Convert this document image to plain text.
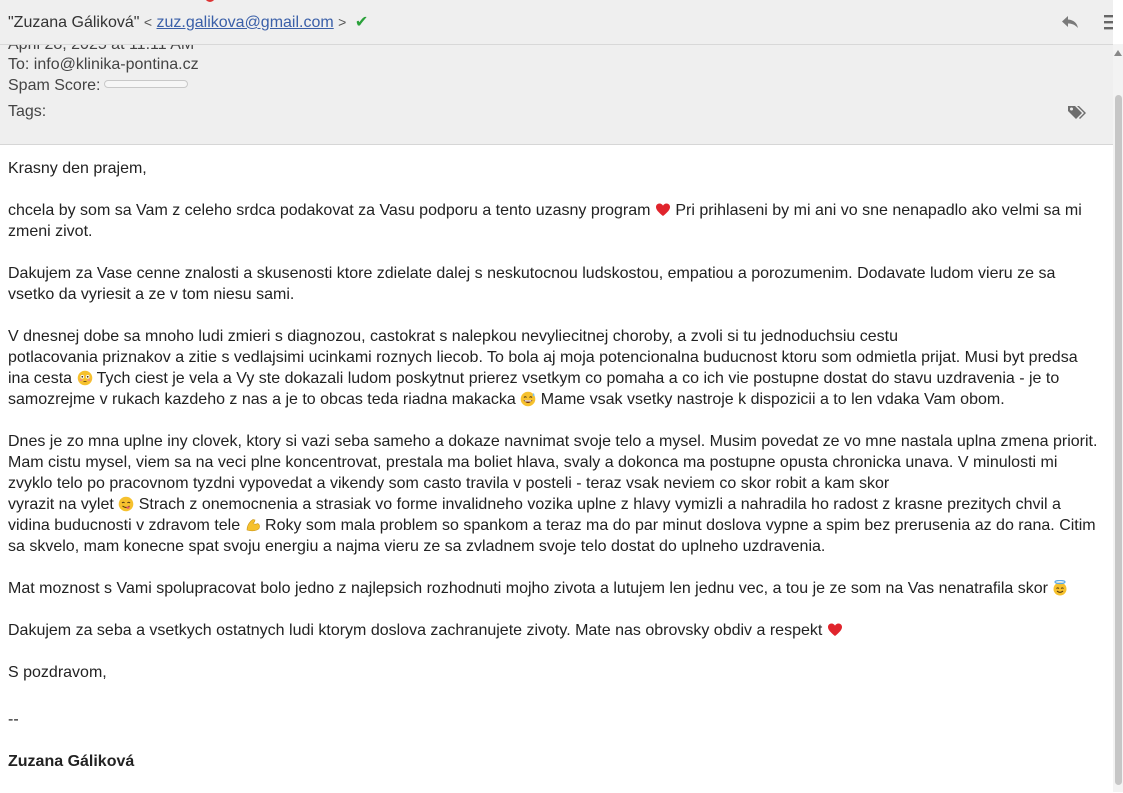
"Zuzana Gáliková" < zuz.galikova@gmail.com > ✔
To: info@klinika-pontina.cz
Spam Score:
Tags:

Krasny den prajem,

chcela by som sa Vam z celeho srdca podakovat za Vasu podporu a tento uzasny program Pri prihlaseni by mi ani vo sne nenapadlo ako velmi sa mi zmeni zivot.

Dakujem za Vase cenne znalosti a skusenosti ktore zdielate dalej s neskutocnou ludskostou, empatiou a porozumenim. Dodavate ludom vieru ze sa vsetko da vyriesit a ze v tom niesu sami.

V dnesnej dobe sa mnoho ludi zmieri s diagnozou, castokrat s nalepkou nevyliecitnej choroby, a zvoli si tu jednoduchsiu cestu
potlacovania priznakov a zitie s vedlajsimi ucinkami roznych liecob. To bola aj moja potencionalna buducnost ktoru som odmietla prijat. Musi byt predsa ina cesta Tych ciest je vela a Vy ste dokazali ludom poskytnut prierez vsetkym co pomaha a co ich vie postupne dostat do stavu uzdravenia - je to samozrejme v rukach kazdeho z nas a je to obcas teda riadna makacka Mame vsak vsetky nastroje k dispozicii a to len vdaka Vam obom.

Dnes je zo mna uplne iny clovek, ktory si vazi seba sameho a dokaze navnimat svoje telo a mysel. Musim povedat ze vo mne nastala uplna zmena priorit. Mam cistu mysel, viem sa na veci plne koncentrovat, prestala ma boliet hlava, svaly a dokonca ma postupne opusta chronicka unava. V minulosti mi zvyklo telo po pracovnom tyzdni vypovedat a vikendy som casto travila v posteli - teraz vsak neviem co skor robit a kam skor
vyrazit na vylet Strach z onemocnenia a strasiak vo forme invalidneho vozika uplne z hlavy vymizli a nahradila ho radost z krasne prezitych chvil a vidina buducnosti v zdravom tele Roky som mala problem so spankom a teraz ma do par minut doslova vypne a spim bez prerusenia az do rana. Citim sa skvelo, mam konecne spat svoju energiu a najma vieru ze sa zvladnem svoje telo dostat do uplneho uzdravenia.

Mat moznost s Vami spolupracovat bolo jedno z najlepsich rozhodnuti mojho zivota a lutujem len jednu vec, a tou je ze som na Vas nenatrafila skor

Dakujem za seba a vsetkych ostatnych ludi ktorym doslova zachranujete zivoty. Mate nas obrovsky obdiv a respekt

S pozdravom,

--

Zuzana Gáliková
